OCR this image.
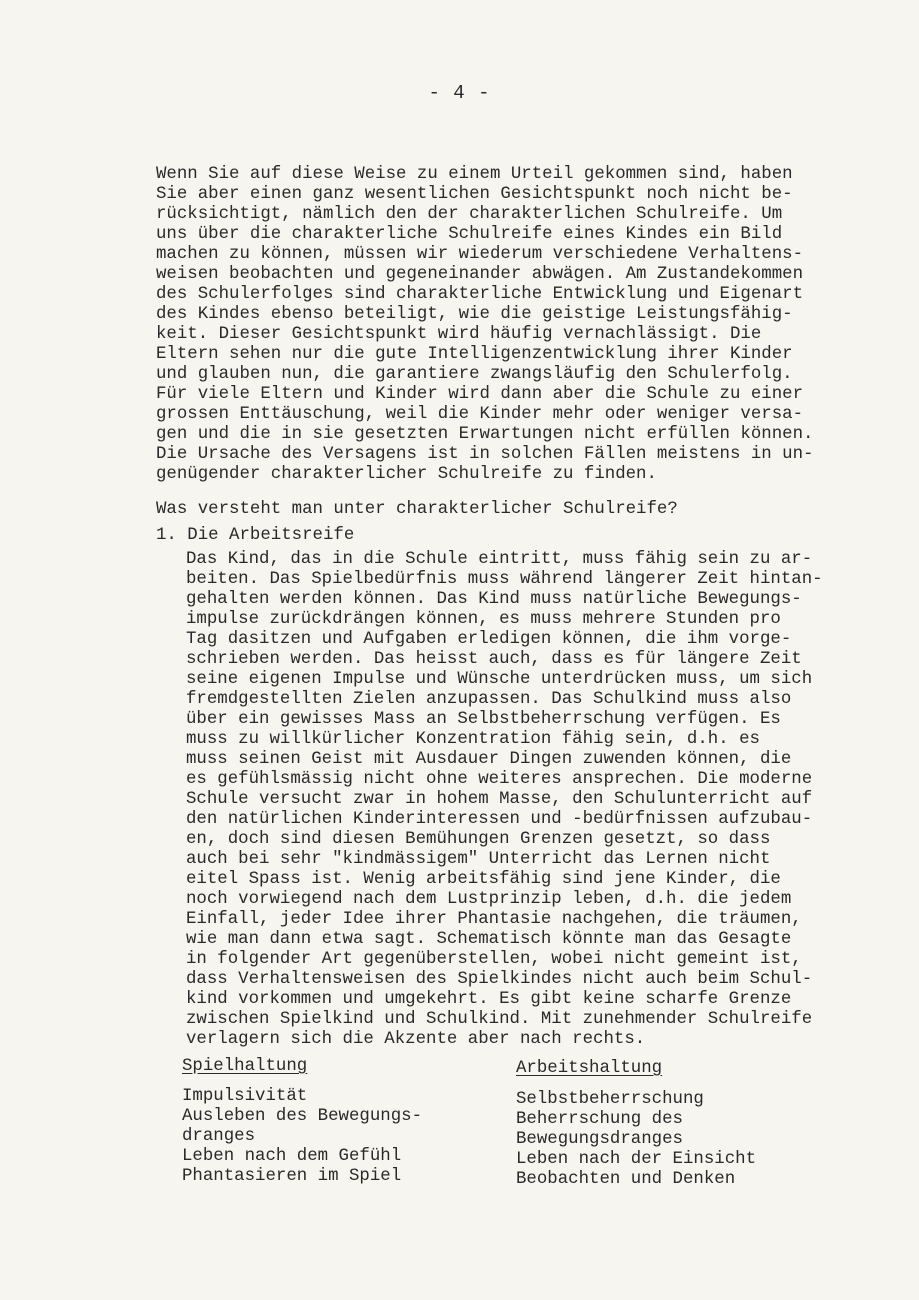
- 4 -
Wenn Sie auf diese Weise zu einem Urteil gekommen sind, haben
Sie aber einen ganz wesentlichen Gesichtspunkt noch nicht be-
rücksichtigt, nämlich den der charakterlichen Schulreife. Um
uns über die charakterliche Schulreife eines Kindes ein Bild
machen zu können, müssen wir wiederum verschiedene Verhaltens-
weisen beobachten und gegeneinander abwägen. Am Zustandekommen
des Schulerfolges sind charakterliche Entwicklung und Eigenart
des Kindes ebenso beteiligt, wie die geistige Leistungsfähig-
keit. Dieser Gesichtspunkt wird häufig vernachlässigt. Die
Eltern sehen nur die gute Intelligenzentwicklung ihrer Kinder
und glauben nun, die garantiere zwangsläufig den Schulerfolg.
Für viele Eltern und Kinder wird dann aber die Schule zu einer
grossen Enttäuschung, weil die Kinder mehr oder weniger versa-
gen und die in sie gesetzten Erwartungen nicht erfüllen können.
Die Ursache des Versagens ist in solchen Fällen meistens in un-
genügender charakterlicher Schulreife zu finden.
Was versteht man unter charakterlicher Schulreife?
1. Die Arbeitsreife
Das Kind, das in die Schule eintritt, muss fähig sein zu ar-
beiten. Das Spielbedürfnis muss während längerer Zeit hintan-
gehalten werden können. Das Kind muss natürliche Bewegungs-
impulse zurückdrängen können, es muss mehrere Stunden pro
Tag dasitzen und Aufgaben erledigen können, die ihm vorge-
schrieben werden. Das heisst auch, dass es für längere Zeit
seine eigenen Impulse und Wünsche unterdrücken muss, um sich
fremdgestellten Zielen anzupassen. Das Schulkind muss also
über ein gewisses Mass an Selbstbeherrschung verfügen. Es
muss zu willkürlicher Konzentration fähig sein, d.h. es
muss seinen Geist mit Ausdauer Dingen zuwenden können, die
es gefühlsmässig nicht ohne weiteres ansprechen. Die moderne
Schule versucht zwar in hohem Masse, den Schulunterricht auf
den natürlichen Kinderinteressen und -bedürfnissen aufzubau-
en, doch sind diesen Bemühungen Grenzen gesetzt, so dass
auch bei sehr "kindmässigem" Unterricht das Lernen nicht
eitel Spass ist. Wenig arbeitsfähig sind jene Kinder, die
noch vorwiegend nach dem Lustprinzip leben, d.h. die jedem
Einfall, jeder Idee ihrer Phantasie nachgehen, die träumen,
wie man dann etwa sagt. Schematisch könnte man das Gesagte
in folgender Art gegenüberstellen, wobei nicht gemeint ist,
dass Verhaltensweisen des Spielkindes nicht auch beim Schul-
kind vorkommen und umgekehrt. Es gibt keine scharfe Grenze
zwischen Spielkind und Schulkind. Mit zunehmender Schulreife
verlagern sich die Akzente aber nach rechts.
Spielhaltung	Arbeitshaltung
Impulsivität
Ausleben des Bewegungs-
dranges
Leben nach dem Gefühl
Phantasieren im Spiel
Selbstbeherrschung
Beherrschung des
Bewegungsdranges
Leben nach der Einsicht
Beobachten und Denken
